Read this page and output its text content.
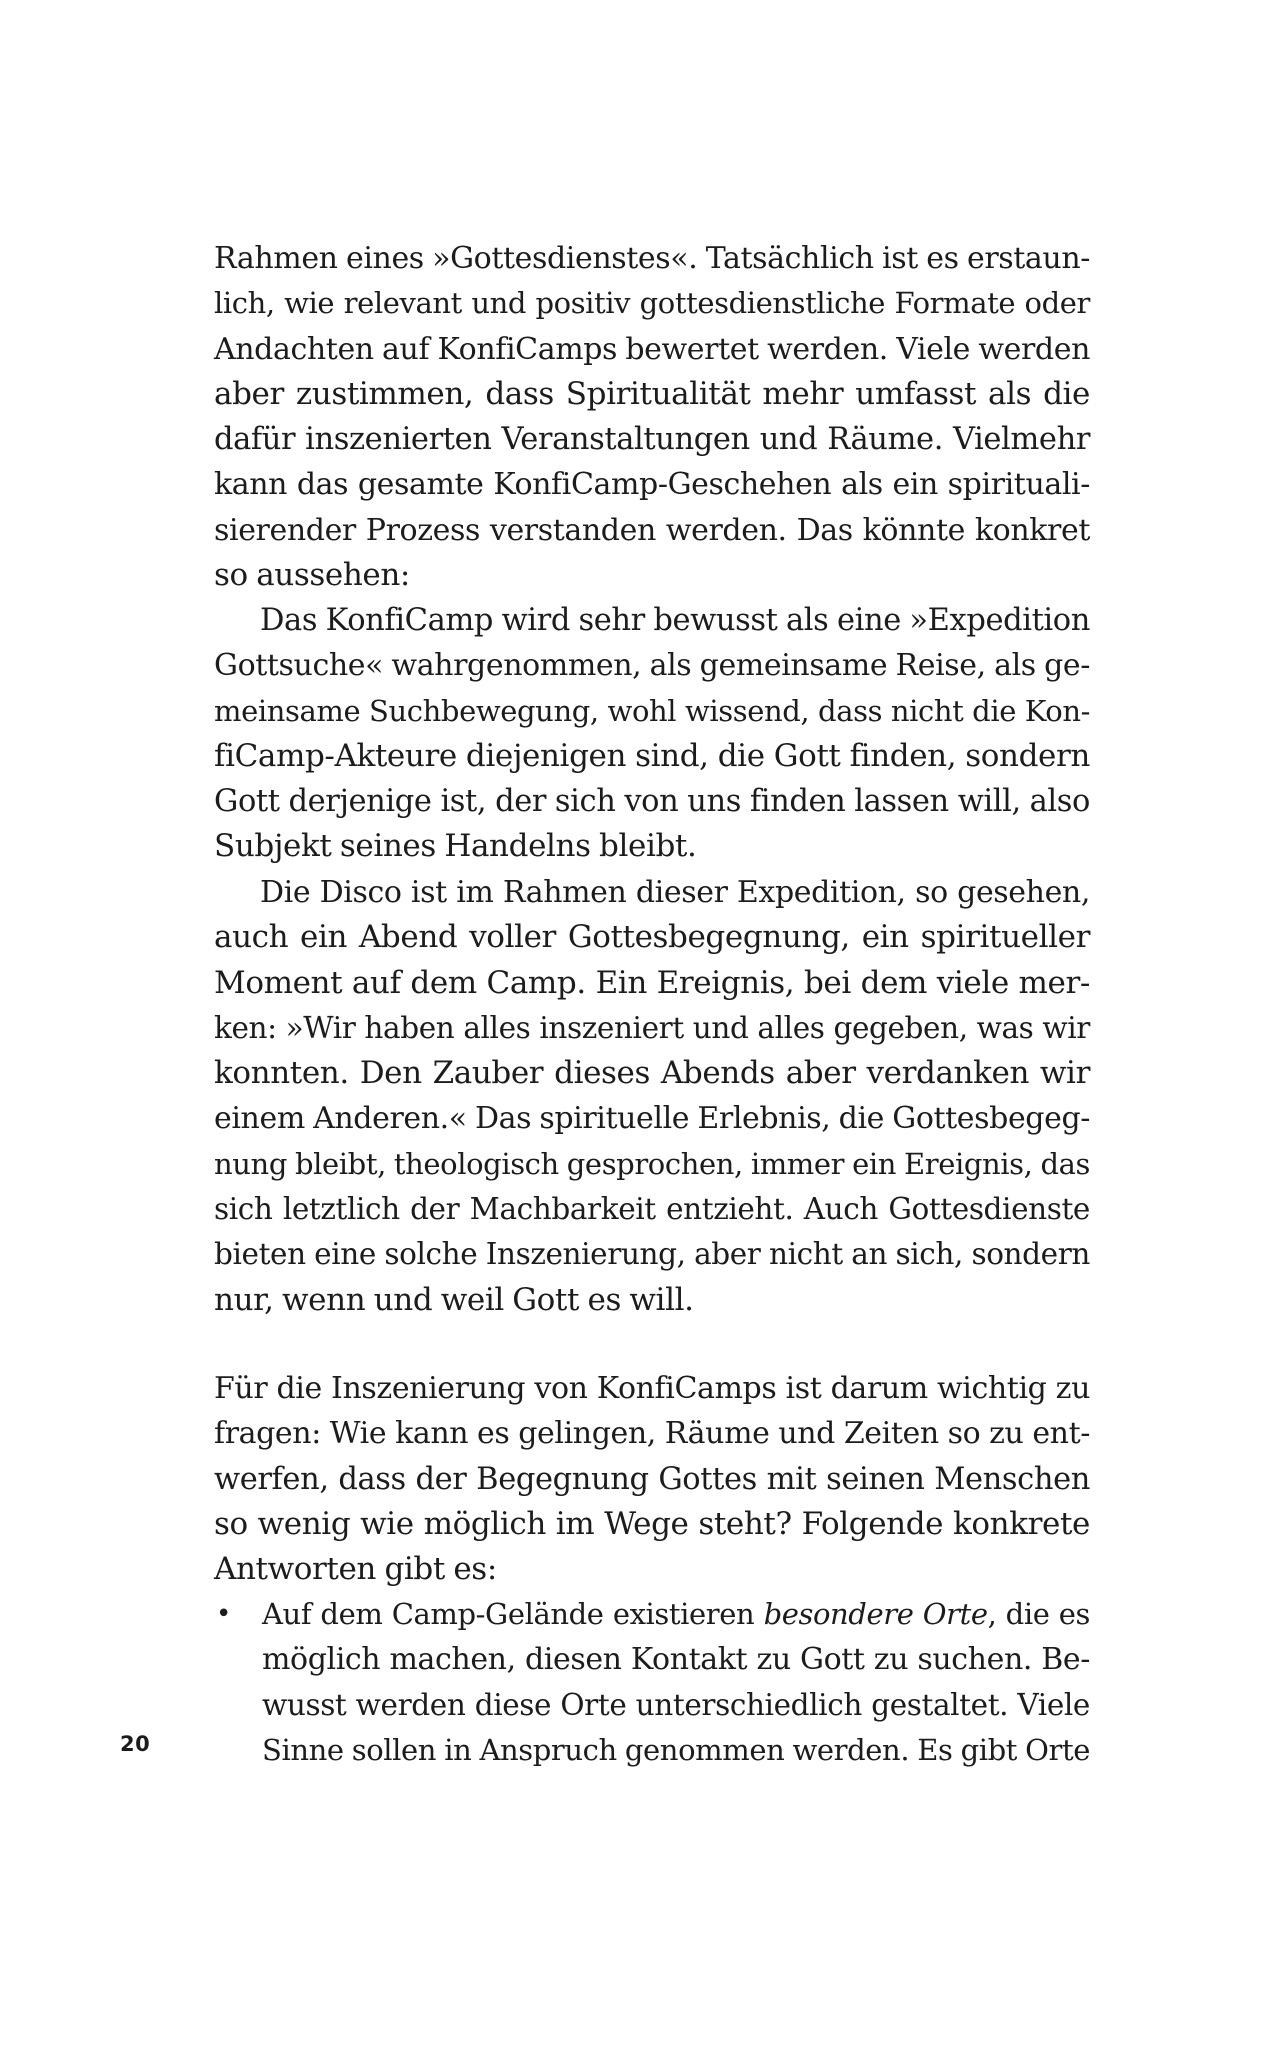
Rahmen eines »Gottesdienstes«. Tatsächlich ist es erstaun-
lich, wie relevant und positiv gottesdienstliche Formate oder
Andachten auf KonfiCamps bewertet werden. Viele werden
aber zustimmen, dass Spiritualität mehr umfasst als die
dafür inszenierten Veranstaltungen und Räume. Vielmehr
kann das gesamte KonfiCamp-Geschehen als ein spirituali-
sierender Prozess verstanden werden. Das könnte konkret
so aussehen:
Das KonfiCamp wird sehr bewusst als eine »Expedition
Gottsuche« wahrgenommen, als gemeinsame Reise, als ge-
meinsame Suchbewegung, wohl wissend, dass nicht die Kon-
fiCamp-Akteure diejenigen sind, die Gott finden, sondern
Gott derjenige ist, der sich von uns finden lassen will, also
Subjekt seines Handelns bleibt.
Die Disco ist im Rahmen dieser Expedition, so gesehen,
auch ein Abend voller Gottesbegegnung, ein spiritueller
Moment auf dem Camp. Ein Ereignis, bei dem viele mer-
ken: »Wir haben alles inszeniert und alles gegeben, was wir
konnten. Den Zauber dieses Abends aber verdanken wir
einem Anderen.« Das spirituelle Erlebnis, die Gottesbegeg-
nung bleibt, theologisch gesprochen, immer ein Ereignis, das
sich letztlich der Machbarkeit entzieht. Auch Gottesdienste
bieten eine solche Inszenierung, aber nicht an sich, sondern
nur, wenn und weil Gott es will.
Für die Inszenierung von KonfiCamps ist darum wichtig zu
fragen: Wie kann es gelingen, Räume und Zeiten so zu ent-
werfen, dass der Begegnung Gottes mit seinen Menschen
so wenig wie möglich im Wege steht? Folgende konkrete
Antworten gibt es:
• Auf dem Camp-Gelände existieren besondere Orte, die es
möglich machen, diesen Kontakt zu Gott zu suchen. Be-
wusst werden diese Orte unterschiedlich gestaltet. Viele
Sinne sollen in Anspruch genommen werden. Es gibt Orte
20
